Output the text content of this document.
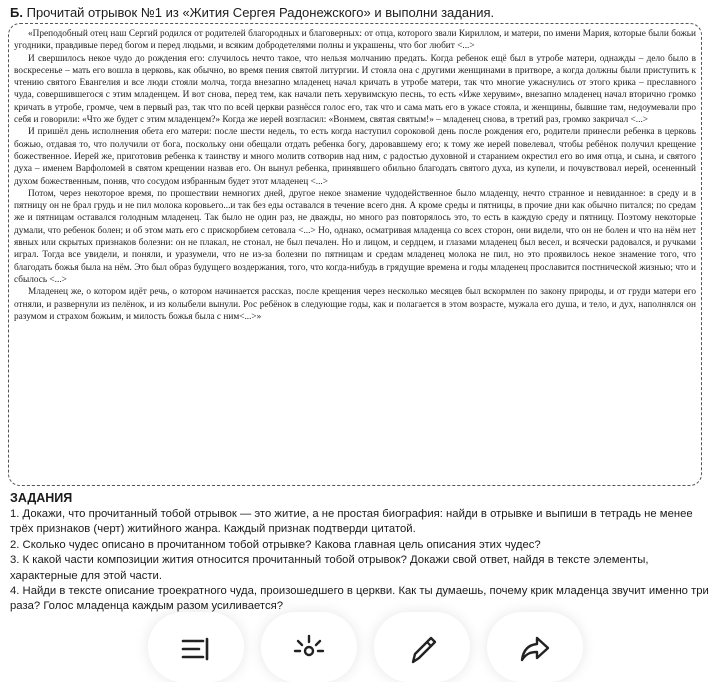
Б. Прочитай отрывок №1 из «Жития Сергея Радонежского» и выполни задания.

«Преподобный отец наш Сергий родился от родителей благородных и благоверных: от отца, которого звали Кириллом, и матери, по имени Мария, которые были божьи угодники, правдивые перед богом и перед людьми, и всяким добродетелями полны и украшены, что бог любит <...>

И свершилось некое чудо до рождения его: случилось нечто такое, что нельзя молчанию предать. Когда ребенок ещё был в утробе матери, однажды – дело было в воскресенье – мать его вошла в церковь, как обычно, во время пения святой литургии. И стояла она с другими женщинами в притворе, а когда должны были приступить к чтению святого Евангелия и все люди стояли молча, тогда внезапно младенец начал кричать в утробе матери, так что многие ужаснулись от этого крика – преславного чуда, совершившегося с этим младенцем. И вот снова, перед тем, как начали петь херувимскую песнь, то есть «Иже херувим», внезапно младенец начал вторично громко кричать в утробе, громче, чем в первый раз, так что по всей церкви разнёсся голос его, так что и сама мать его в ужасе стояла, и женщины, бывшие там, недоумевали про себя и говорили: «Что же будет с этим младенцем?» Когда же иерей возгласил: «Вонмем, святая святым!» – младенец снова, в третий раз, громко закричал <...>

И пришёл день исполнения обета его матери: после шести недель, то есть когда наступил сороковой день после рождения его, родители принесли ребенка в церковь божью, отдавая то, что получили от бога, поскольку они обещали отдать ребенка богу, даровавшему его; к тому же иерей повелевал, чтобы ребёнок получил крещение божественное. Иерей же, приготовив ребенка к таинству и много молитв сотворив над ним, с радостью духовной и старанием окрестил его во имя отца, и сына, и святого духа – именем Варфоломей в святом крещении назвав его. Он вынул ребенка, принявшего обильно благодать святого духа, из купели, и почувствовал иерей, осененный духом божественным, поняв, что сосудом избранным будет этот младенец <...>

Потом, через некоторое время, по прошествии немногих дней, другое некое знамение чудодейственное было младенцу, нечто странное и невиданное: в среду и в пятницу он не брал грудь и не пил молока коровьего...и так без еды оставался в течение всего дня. А кроме среды и пятницы, в прочие дни как обычно питался; по средам же и пятницам оставался голодным младенец. Так было не один раз, не дважды, но много раз повторялось это, то есть в каждую среду и пятницу. Поэтому некоторые думали, что ребенок болен; и об этом мать его с прискорбием сетовала <...> Но, однако, осматривая младенца со всех сторон, они видели, что он не болен и что на нём нет явных или скрытых признаков болезни: он не плакал, не стонал, не был печален. Но и лицом, и сердцем, и глазами младенец был весел, и всячески радовался, и ручками играл. Тогда все увидели, и поняли, и уразумели, что не из-за болезни по пятницам и средам младенец молока не пил, но это проявилось некое знамение того, что благодать божья была на нём. Это был образ будущего воздержания, того, что когда-нибудь в грядущие времена и годы младенец прославится постнической жизнью; что и сбылось <...>

Младенец же, о котором идёт речь, о котором начинается рассказ, после крещения через несколько месяцев был вскормлен по закону природы, и от груди матери его отняли, и развернули из пелёнок, и из колыбели вынули. Рос ребёнок в следующие годы, как и полагается в этом возрасте, мужала его душа, и тело, и дух, наполнялся он разумом и страхом божьим, и милость божья была с ним<...>»

ЗАДАНИЯ

1. Докажи, что прочитанный тобой отрывок — это житие, а не простая биография: найди в отрывке и выпиши в тетрадь не менее трёх признаков (черт) житийного жанра. Каждый признак подтверди цитатой.

2. Сколько чудес описано в прочитанном тобой отрывке? Какова главная цель описания этих чудес?

3. К какой части композиции жития относится прочитанный тобой отрывок? Докажи свой ответ, найдя в тексте элементы, характерные для этой части.

4. Найди в тексте описание троекратного чуда, произошедшего в церкви. Как ты думаешь, почему крик младенца звучит именно три раза? Голос младенца каждым разом усиливается?
